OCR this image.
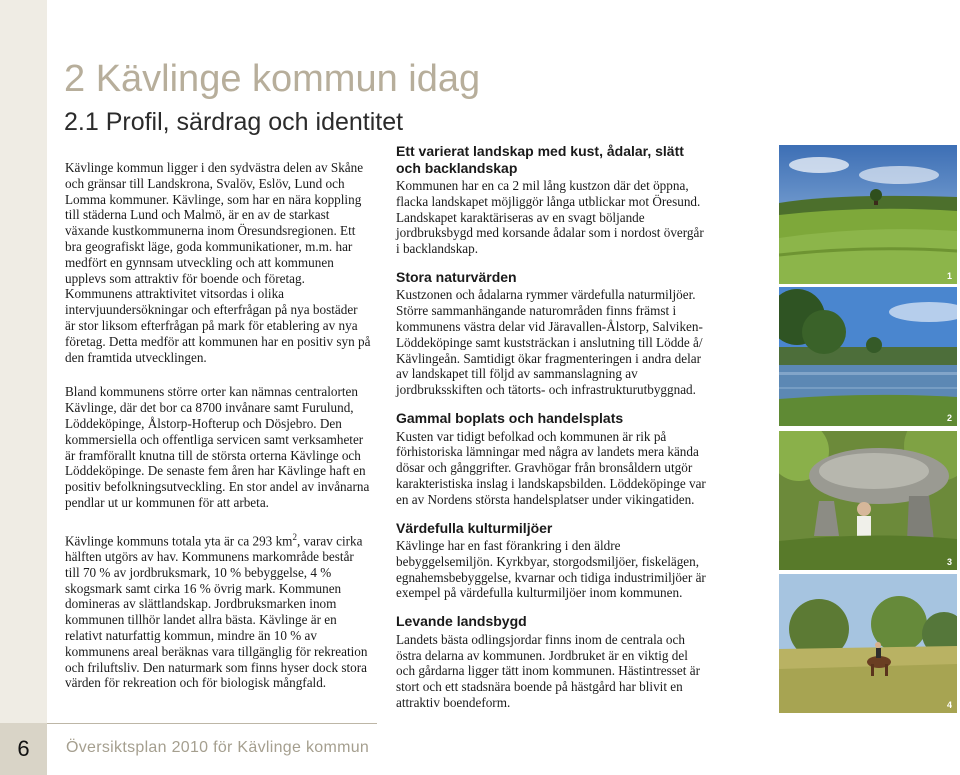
6	Översiktsplan 2010 för Kävlinge kommun
2 Kävlinge kommun idag
2.1 Profil, särdrag och identitet

Kävlinge kommun ligger i den sydvästra delen av Skåne och gränsar till Landskrona, Svalöv, Eslöv, Lund och Lomma kommuner. Kävlinge, som har en nära koppling till städerna Lund och Malmö, är en av de starkast växande kustkommunerna inom Öresundsregionen. Ett bra geografiskt läge, goda kommunikationer, m.m. har medfört en gynnsam utveckling och att kommunen upplevs som attraktiv för boende och företag. Kommunens attraktivitet vitsordas i olika intervjuundersökningar och efterfrågan på nya bostäder är stor liksom efterfrågan på mark för etablering av nya företag. Detta medför att kommunen har en positiv syn på den framtida utvecklingen.

Bland kommunens större orter kan nämnas centralorten Kävlinge, där det bor ca 8700 invånare samt Furulund, Löddeköpinge, Ålstorp-Hofterup och Dösjebro. Den kommersiella och offentliga servicen samt verksamheter är framförallt knutna till de största orterna Kävlinge och Löddeköpinge. De senaste fem åren har Kävlinge haft en positiv befolkningsutveckling. En stor andel av invånarna pendlar ut ur kommunen för att arbeta.

Kävlinge kommuns totala yta är ca 293 $km^2$, varav cirka hälften utgörs av hav. Kommunens markområde består till 70 % av jordbruksmark, 10 % bebyggelse, 4 % skogsmark samt cirka 16 % övrig mark. Kommunen domineras av slättlandskap. Jordbruksmarken inom kommunen tillhör landet allra bästa. Kävlinge är en relativt naturfattig kommun, mindre än 10 % av kommunens areal beräknas vara tillgänglig för rekreation och friluftsliv. Den naturmark som finns hyser dock stora värden för rekreation och för biologisk mångfald.

Ett varierat landskap med kust, ådalar, slätt och backlandskap

Kommunen har en ca 2 mil lång kustzon där det öppna, flacka landskapet möjliggör långa utblickar mot Öresund. Landskapet karaktäriseras av en svagt böljande jordbruksbygd med korsande ådalar som i nordost övergår i backlandskap.

Stora naturvärden

Kustzonen och ådalarna rymmer värdefulla naturmiljöer. Större sammanhängande naturområden finns främst i kommunens västra delar vid Järavallen-Ålstorp, Salviken-Löddeköpinge samt kuststräckan i anslutning till Lödde å/ Kävlingeån. Samtidigt ökar fragmenteringen i andra delar av landskapet till följd av sammanslagning av jordbruksskiften och tätorts- och infrastrukturutbyggnad.

Gammal boplats och handelsplats

Kusten var tidigt befolkad och kommunen är rik på förhistoriska lämningar med några av landets mera kända dösar och gånggrifter. Gravhögar från bronsåldern utgör karakteristiska inslag i landskapsbilden. Löddeköpinge var en av Nordens största handelsplatser under vikingatiden.

Värdefulla kulturmiljöer

Kävlinge har en fast förankring i den äldre bebyggelsemiljön. Kyrkbyar, storgodsmiljöer, fiskelägen, egnahemsbebyggelse, kvarnar och tidiga industrimiljöer är exempel på värdefulla kulturmiljöer inom kommunen.

Levande landsbygd

Landets bästa odlingsjordar finns inom de centrala och östra delarna av kommunen. Jordbruket är en viktig del och gårdarna ligger tätt inom kommunen. Hästintresset är stort och ett stadsnära boende på hästgård har blivit en attraktiv boendeform.

1
2
3
4
